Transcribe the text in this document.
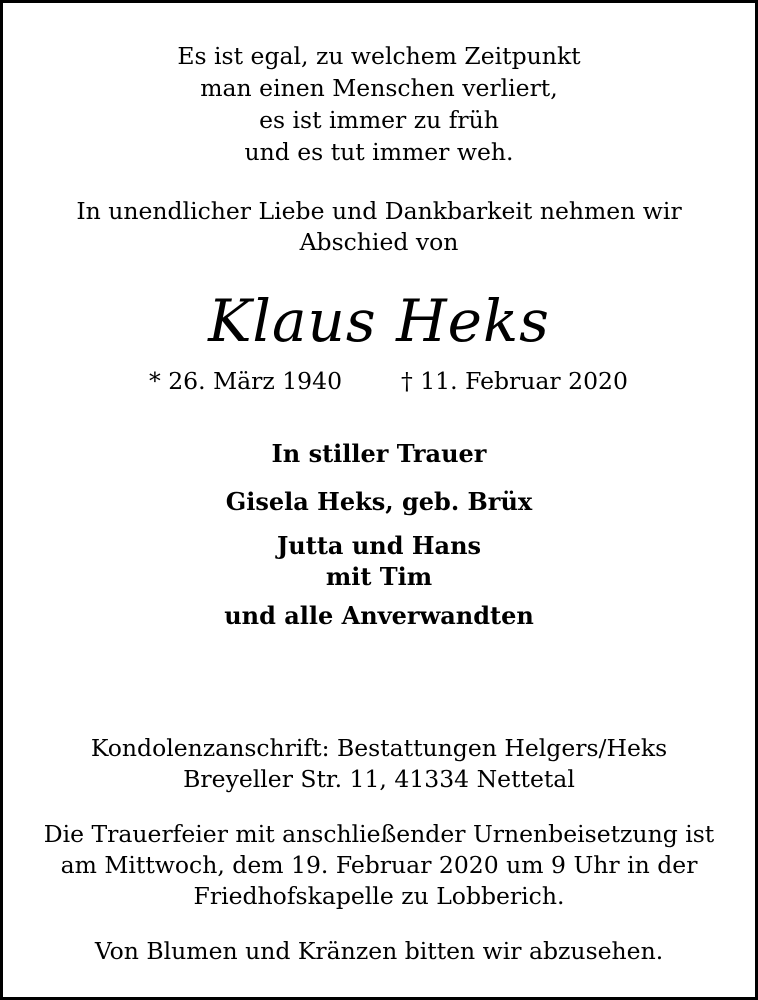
Es ist egal, zu welchem Zeitpunkt

man einen Menschen verliert,

es ist immer zu früh

und es tut immer weh.

In unendlicher Liebe und Dankbarkeit nehmen wir

Abschied von

Klaus Heks

* 26. März 1940	† 11. Februar 2020

In stiller Trauer

Gisela Heks, geb. Brüx

Jutta und Hans

mit Tim

und alle Anverwandten

Kondolenzanschrift: Bestattungen Helgers/Heks

Breyeller Str. 11, 41334 Nettetal

Die Trauerfeier mit anschließender Urnenbeisetzung ist

am Mittwoch, dem 19. Februar 2020 um 9 Uhr in der

Friedhofskapelle zu Lobberich.

Von Blumen und Kränzen bitten wir abzusehen.
